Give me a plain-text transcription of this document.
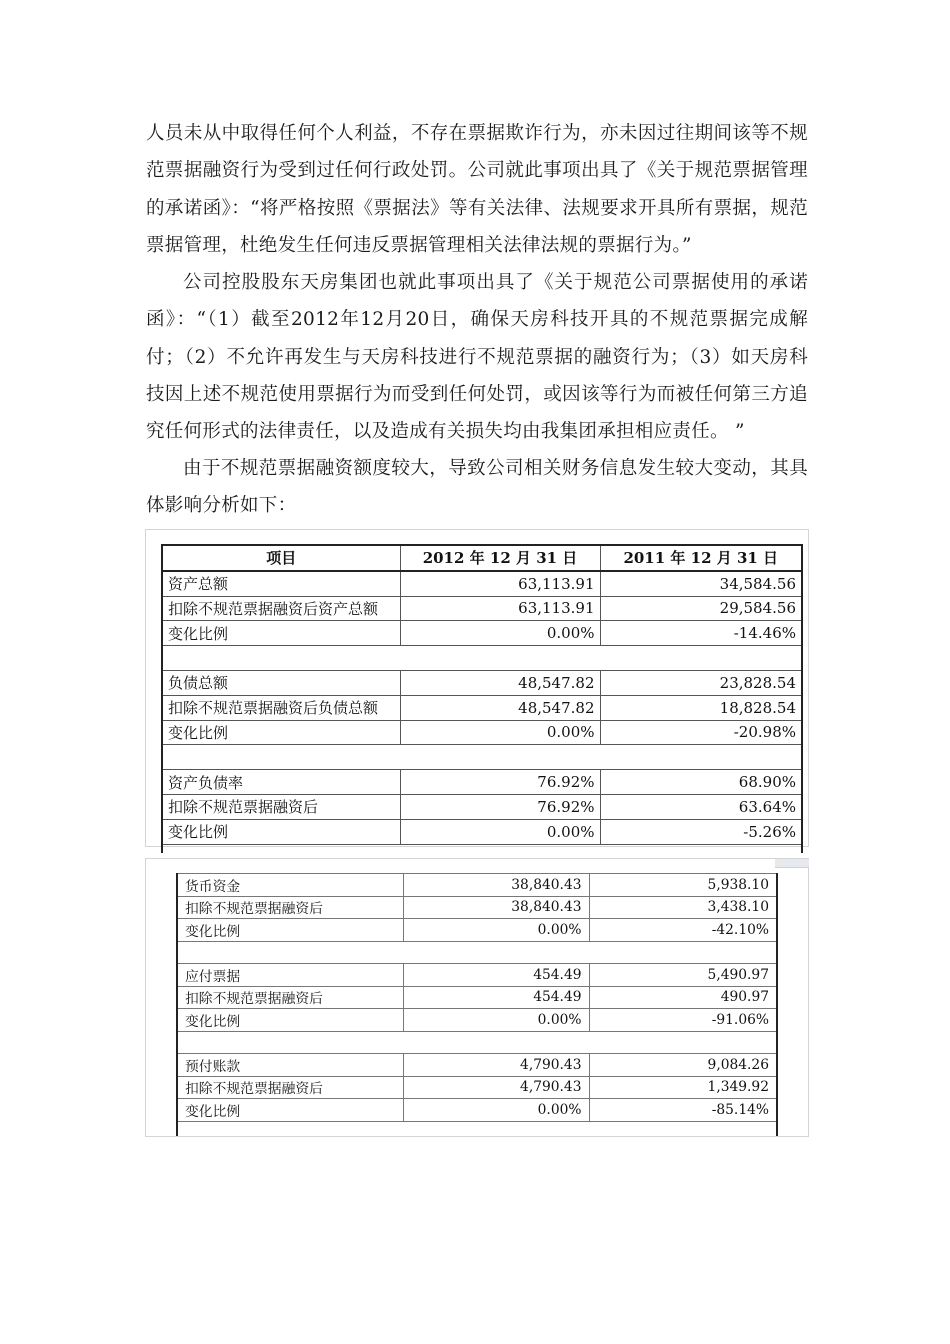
人员未从中取得任何个人利益，不存在票据欺诈行为，亦未因过往期间该等不规范票据融资行为受到过任何行政处罚。公司就此事项出具了《关于规范票据管理的承诺函》：“将严格按照《票据法》等有关法律、法规要求开具所有票据，规范票据管理，杜绝发生任何违反票据管理相关法律法规的票据行为。”

公司控股股东天房集团也就此事项出具了《关于规范公司票据使用的承诺函》：“（1）截至2012年12月20日，确保天房科技开具的不规范票据完成解付；（2）不允许再发生与天房科技进行不规范票据的融资行为；（3）如天房科技因上述不规范使用票据行为而受到任何处罚，或因该等行为而被任何第三方追究任何形式的法律责任，以及造成有关损失均由我集团承担相应责任。 ”

由于不规范票据融资额度较大，导致公司相关财务信息发生较大变动，其具体影响分析如下：

项目	2012 年 12 月 31 日	2011 年 12 月 31 日
资产总额	63,113.91	34,584.56
扣除不规范票据融资后资产总额	63,113.91	29,584.56
变化比例	0.00%	-14.46%

负债总额	48,547.82	23,828.54
扣除不规范票据融资后负债总额	48,547.82	18,828.54
变化比例	0.00%	-20.98%

资产负债率	76.92%	68.90%
扣除不规范票据融资后	76.92%	63.64%
变化比例	0.00%	-5.26%

货币资金	38,840.43	5,938.10
扣除不规范票据融资后	38,840.43	3,438.10
变化比例	0.00%	-42.10%

应付票据	454.49	5,490.97
扣除不规范票据融资后	454.49	490.97
变化比例	0.00%	-91.06%

预付账款	4,790.43	9,084.26
扣除不规范票据融资后	4,790.43	1,349.92
变化比例	0.00%	-85.14%
